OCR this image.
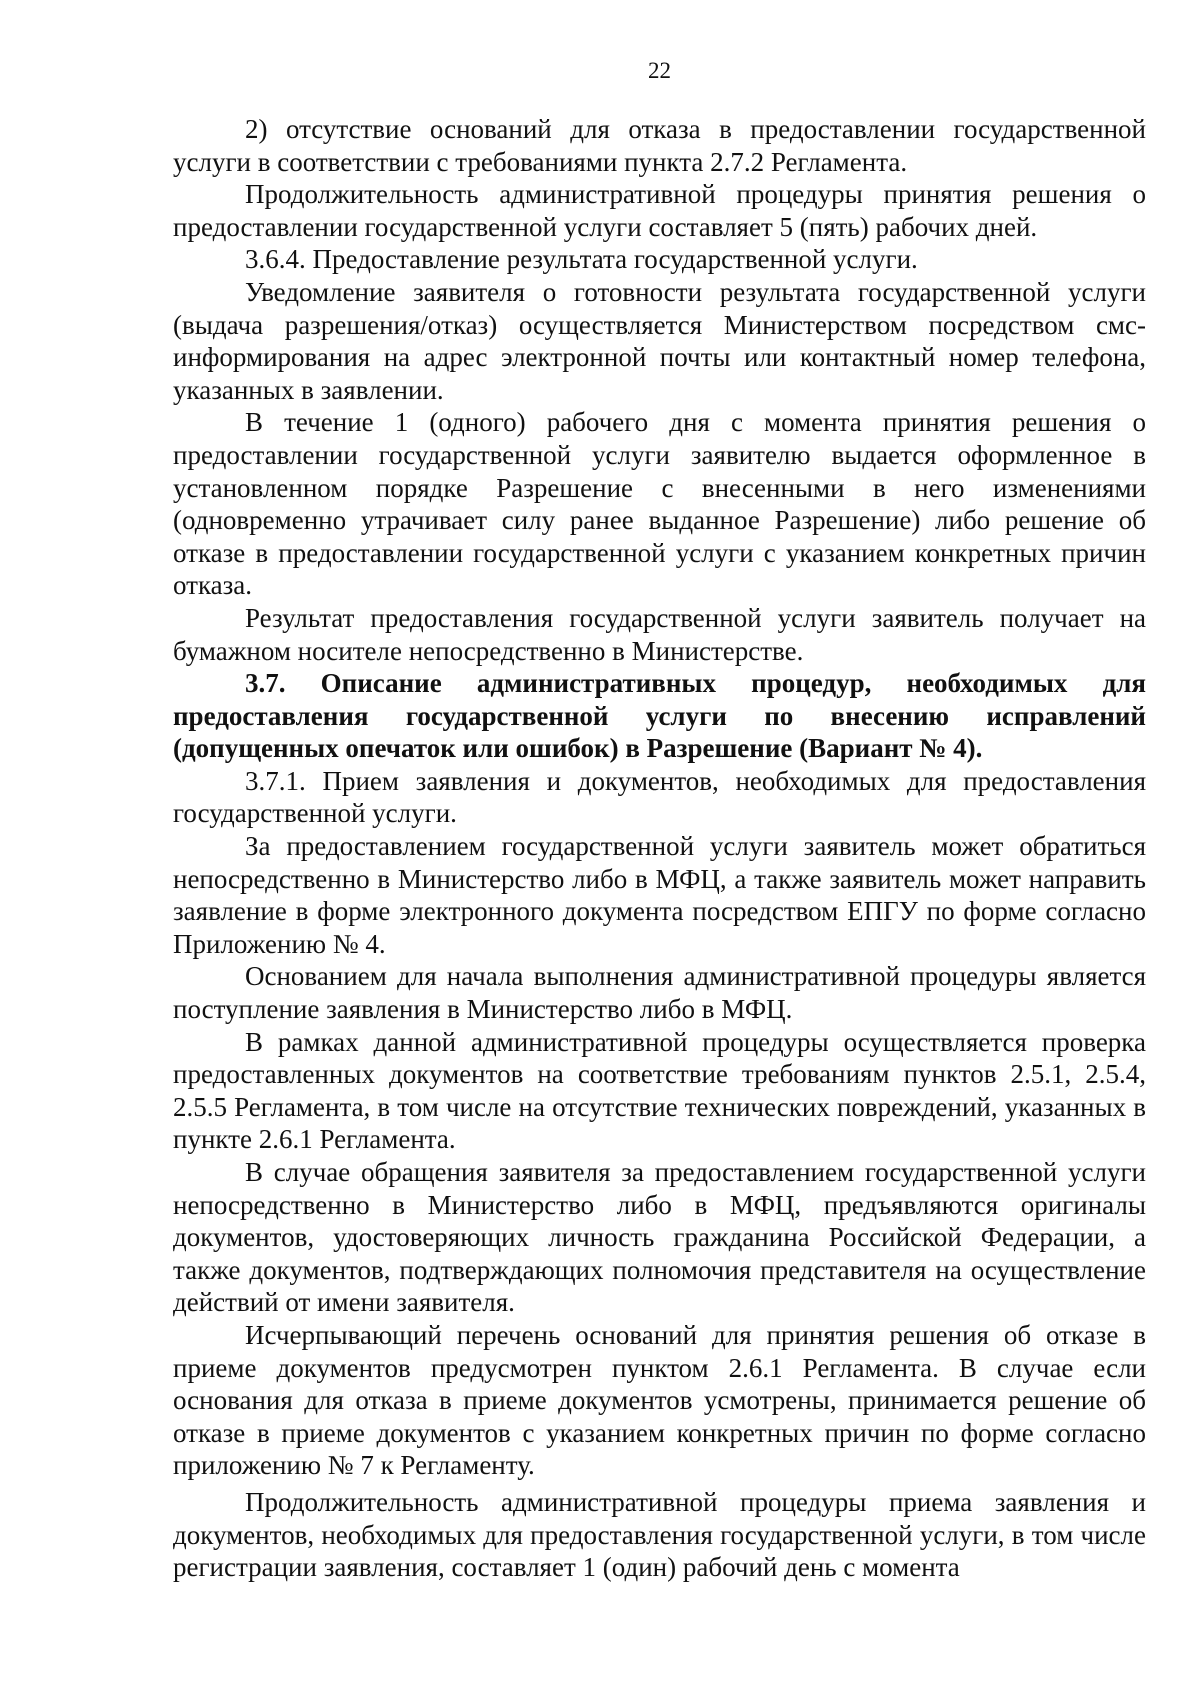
22

2) отсутствие оснований для отказа в предоставлении государственной услуги в соответствии с требованиями пункта 2.7.2 Регламента.

Продолжительность административной процедуры принятия решения о предоставлении государственной услуги составляет 5 (пять) рабочих дней.

3.6.4. Предоставление результата государственной услуги.

Уведомление заявителя о готовности результата государственной услуги (выдача разрешения/отказ) осуществляется Министерством посредством смс-информирования на адрес электронной почты или контактный номер телефона, указанных в заявлении.

В течение 1 (одного) рабочего дня с момента принятия решения о предоставлении государственной услуги заявителю выдается оформленное в установленном порядке Разрешение с внесенными в него изменениями (одновременно утрачивает силу ранее выданное Разрешение) либо решение об отказе в предоставлении государственной услуги с указанием конкретных причин отказа.

Результат предоставления государственной услуги заявитель получает на бумажном носителе непосредственно в Министерстве.

3.7. Описание административных процедур, необходимых для предоставления государственной услуги по внесению исправлений (допущенных опечаток или ошибок) в Разрешение (Вариант № 4).

3.7.1. Прием заявления и документов, необходимых для предоставления государственной услуги.

За предоставлением государственной услуги заявитель может обратиться непосредственно в Министерство либо в МФЦ, а также заявитель может направить заявление в форме электронного документа посредством ЕПГУ по форме согласно Приложению № 4.

Основанием для начала выполнения административной процедуры является поступление заявления в Министерство либо в МФЦ.

В рамках данной административной процедуры осуществляется проверка предоставленных документов на соответствие требованиям пунктов 2.5.1, 2.5.4, 2.5.5 Регламента, в том числе на отсутствие технических повреждений, указанных в пункте 2.6.1 Регламента.

В случае обращения заявителя за предоставлением государственной услуги непосредственно в Министерство либо в МФЦ, предъявляются оригиналы документов, удостоверяющих личность гражданина Российской Федерации, а также документов, подтверждающих полномочия представителя на осуществление действий от имени заявителя.

Исчерпывающий перечень оснований для принятия решения об отказе в приеме документов предусмотрен пунктом 2.6.1 Регламента. В случае если основания для отказа в приеме документов усмотрены, принимается решение об отказе в приеме документов с указанием конкретных причин по форме согласно приложению № 7 к Регламенту.

Продолжительность административной процедуры приема заявления и документов, необходимых для предоставления государственной услуги, в том числе регистрации заявления, составляет 1 (один) рабочий день с момента
